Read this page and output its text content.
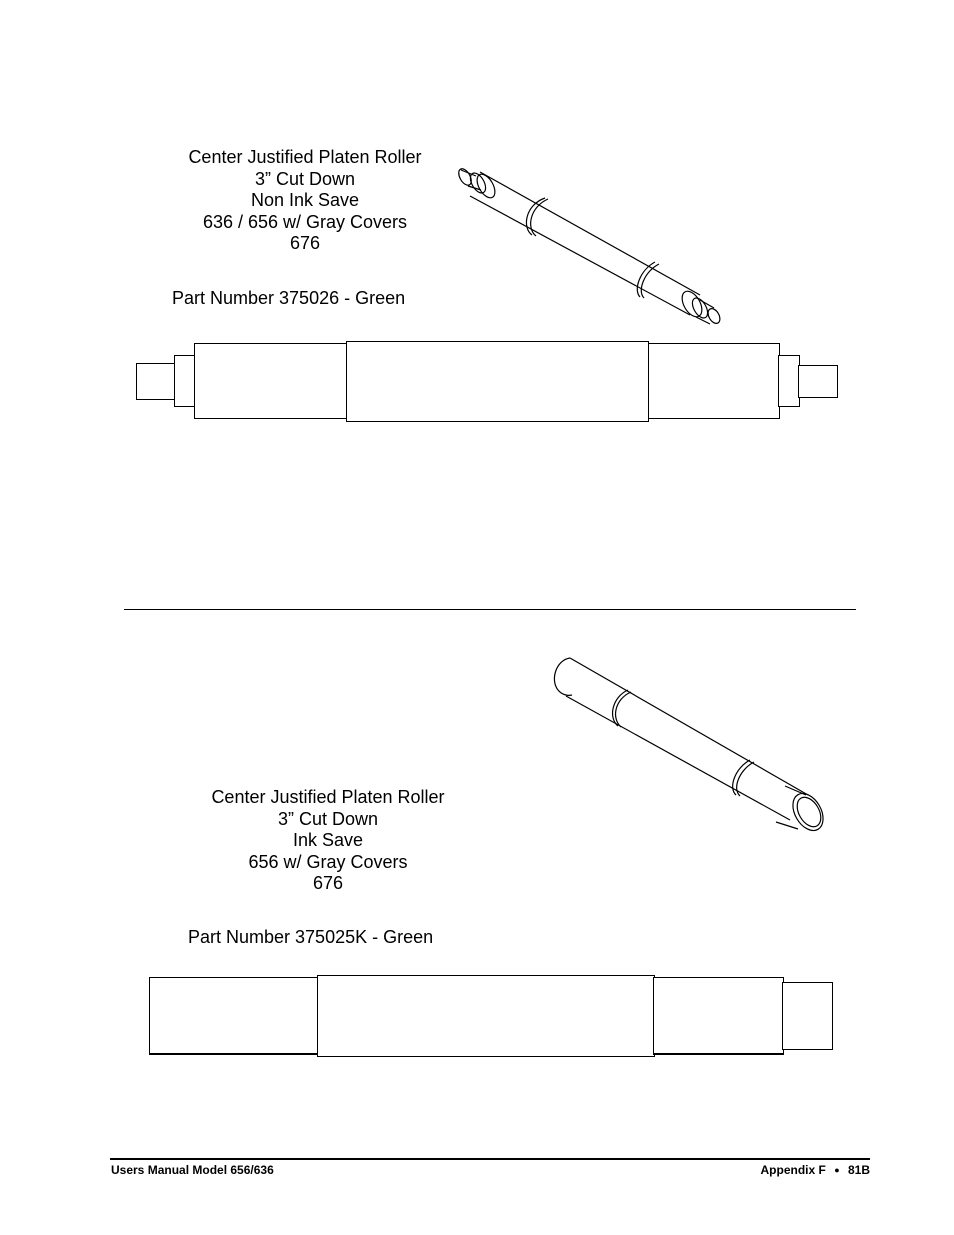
Center Justified Platen Roller
3” Cut Down
Non Ink Save
636 / 656 w/ Gray Covers
676
Part Number 375026 - Green
Center Justified Platen Roller
3” Cut Down
Ink Save
656 w/ Gray Covers
676
Part Number 375025K - Green
Users Manual Model 656/636	Appendix F ● 81B
